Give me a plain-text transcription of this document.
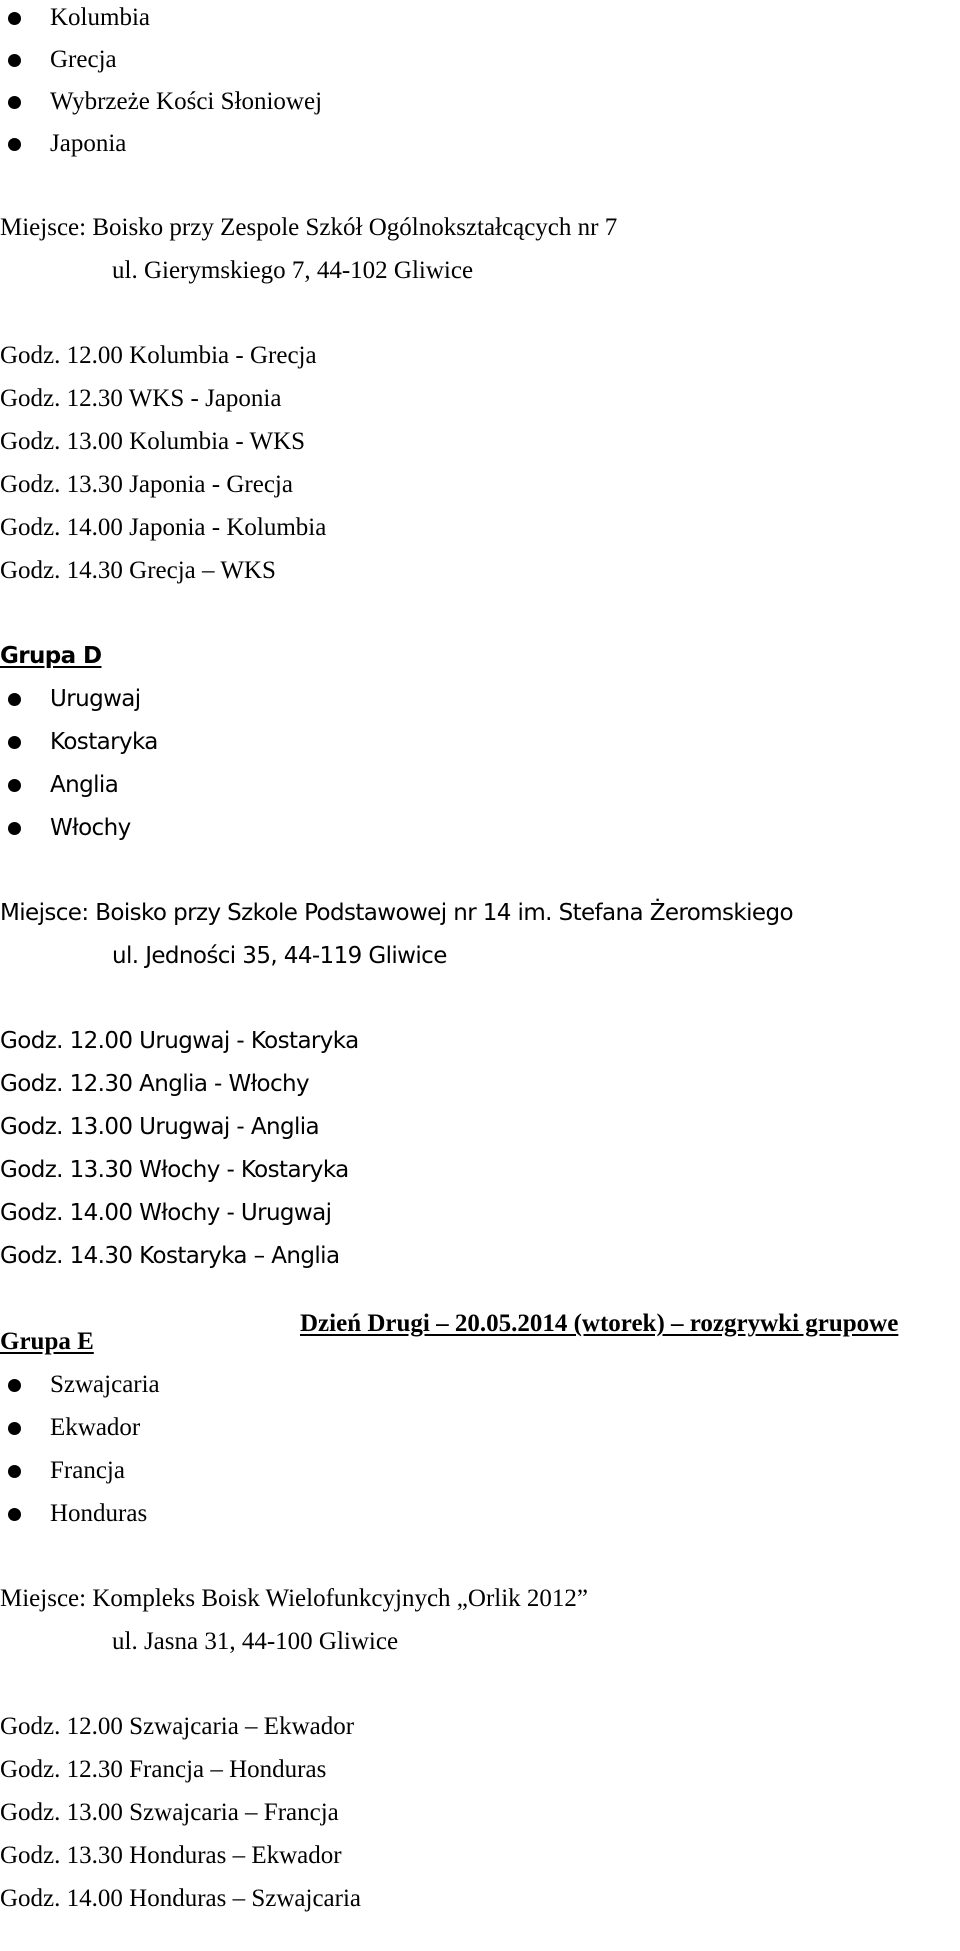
Kolumbia
Grecja
Wybrzeże Kości Słoniowej
Japonia
Miejsce: Boisko przy Zespole Szkół Ogólnokształcących nr 7
ul. Gierymskiego 7, 44-102 Gliwice
Godz. 12.00 Kolumbia - Grecja
Godz. 12.30 WKS - Japonia
Godz. 13.00 Kolumbia - WKS
Godz. 13.30 Japonia - Grecja
Godz. 14.00 Japonia - Kolumbia
Godz. 14.30 Grecja – WKS
Grupa D
Urugwaj
Kostaryka
Anglia
Włochy
Miejsce: Boisko przy Szkole Podstawowej nr 14 im. Stefana Żeromskiego
ul. Jedności 35, 44-119 Gliwice
Godz. 12.00 Urugwaj - Kostaryka
Godz. 12.30 Anglia - Włochy
Godz. 13.00 Urugwaj - Anglia
Godz. 13.30 Włochy - Kostaryka
Godz. 14.00 Włochy - Urugwaj
Godz. 14.30 Kostaryka – Anglia
Dzień Drugi – 20.05.2014 (wtorek) – rozgrywki grupowe
Grupa E
Szwajcaria
Ekwador
Francja
Honduras
Miejsce: Kompleks Boisk Wielofunkcyjnych „Orlik 2012”
ul. Jasna 31, 44-100 Gliwice
Godz. 12.00 Szwajcaria – Ekwador
Godz. 12.30 Francja – Honduras
Godz. 13.00 Szwajcaria – Francja
Godz. 13.30 Honduras – Ekwador
Godz. 14.00 Honduras – Szwajcaria
